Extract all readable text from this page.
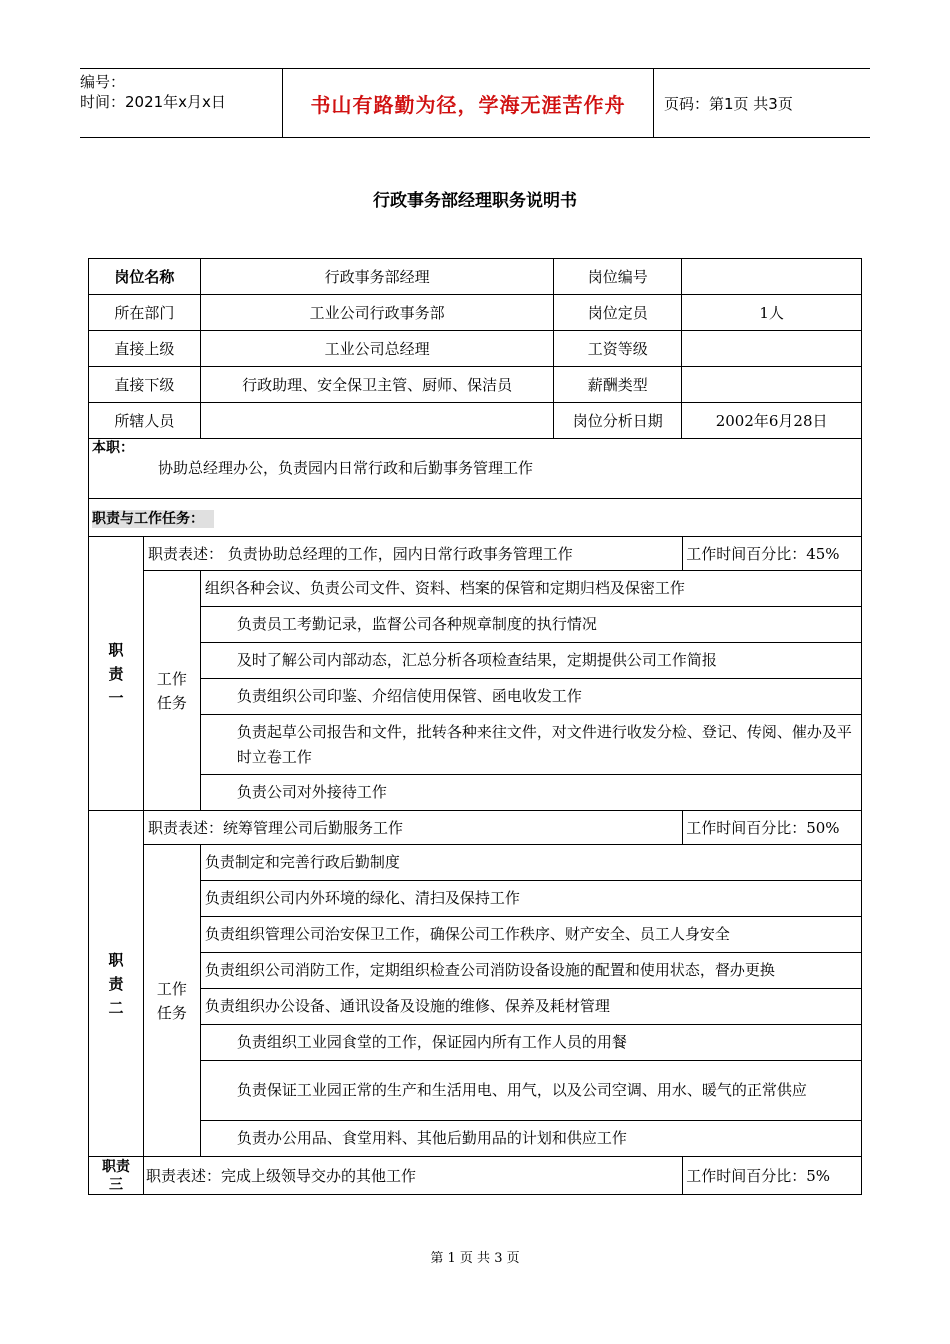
编号：
时间：2021年x月x日	书山有路勤为径，学海无涯苦作舟	页码：第1页 共3页
行政事务部经理职务说明书
岗位名称	行政事务部经理	岗位编号	
所在部门	工业公司行政事务部	岗位定员	1人
直接上级	工业公司总经理	工资等级	
直接下级	行政助理、安全保卫主管、厨师、保洁员	薪酬类型	
所辖人员		岗位分析日期	2002年6月28日
本职：
协助总经理办公，负责园内日常行政和后勤事务管理工作			

职责与工作任务：			
职
责
一	职责表述： 负责协助总经理的工作，园内日常行政事务管理工作		工作时间百分比：45%
	工作
任务	组织各种会议、负责公司文件、资料、档案的保管和定期归档及保密工作	
		负责员工考勤记录，监督公司各种规章制度的执行情况	
		及时了解公司内部动态，汇总分析各项检查结果，定期提供公司工作简报	
		负责组织公司印鉴、介绍信使用保管、函电收发工作	
		负责起草公司报告和文件，批转各种来往文件，对文件进行收发分检、登记、传阅、催办及平时立卷工作	
		负责公司对外接待工作	
职
责
二	职责表述：统筹管理公司后勤服务工作		工作时间百分比：50%
	工作
任务	负责制定和完善行政后勤制度	
		负责组织公司内外环境的绿化、清扫及保持工作	
		负责组织管理公司治安保卫工作，确保公司工作秩序、财产安全、员工人身安全	
		负责组织公司消防工作，定期组织检查公司消防设备设施的配置和使用状态，督办更换	
		负责组织办公设备、通讯设备及设施的维修、保养及耗材管理	
		负责组织工业园食堂的工作，保证园内所有工作人员的用餐	
		负责保证工业园正常的生产和生活用电、用气，以及公司空调、用水、暖气的正常供应	
		负责办公用品、食堂用料、其他后勤用品的计划和供应工作	
职责
三	职责表述：完成上级领导交办的其他工作		工作时间百分比：5%
第 1 页 共 3 页
